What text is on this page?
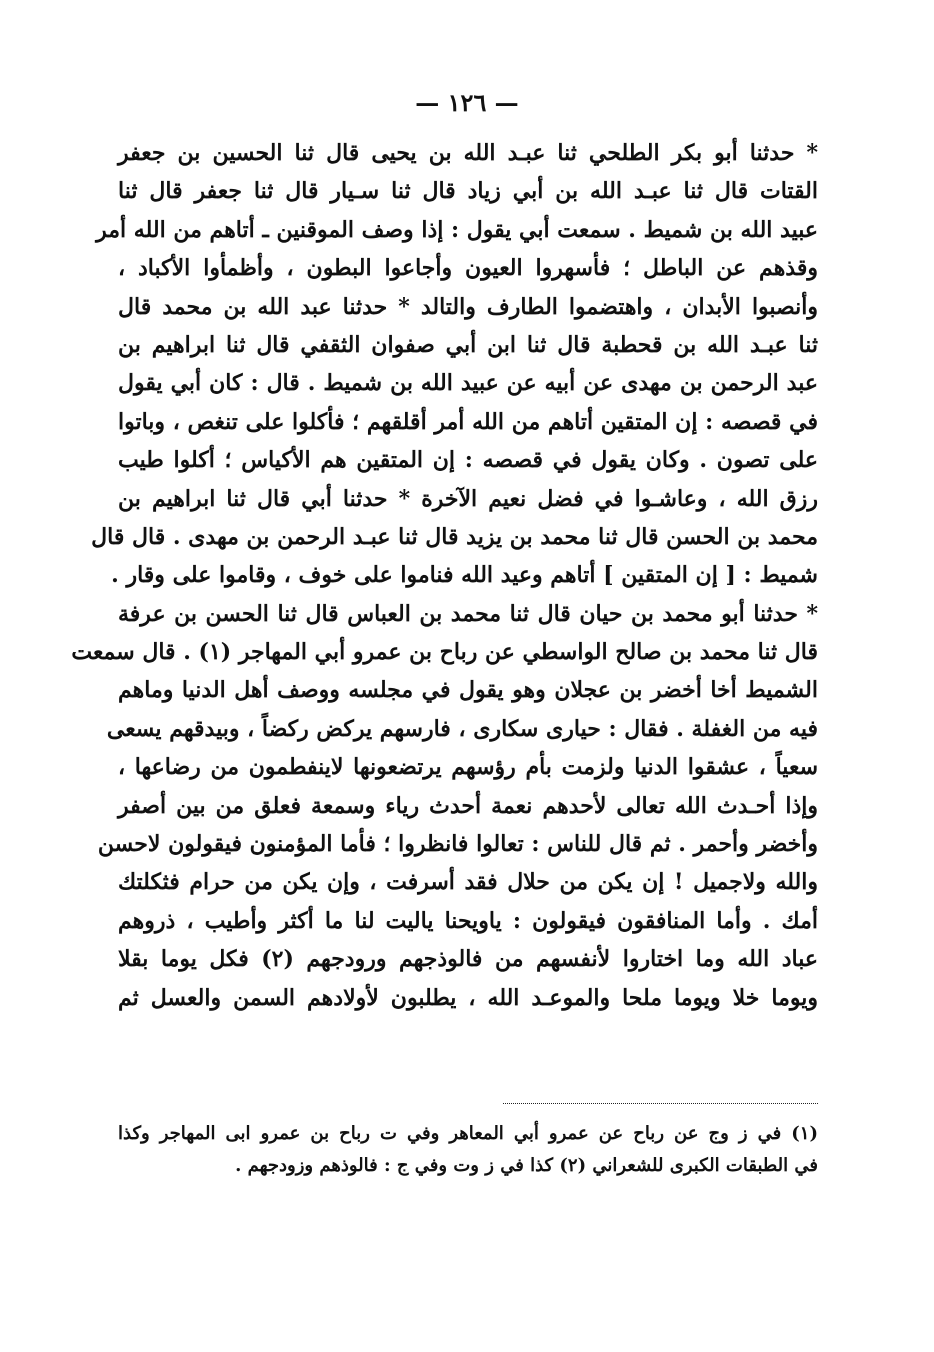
— ١٢٦ —
* حدثنا أبو بكر الطلحي ثنا عبـد الله بن يحيى قال ثنا الحسين بن جعفر
القتات قال ثنا عبـد الله بن أبي زياد قال ثنا سـيار قال ثنا جعفر قال ثنا
عبيد الله بن شميط . سمعت أبي يقول : إذا وصف الموقنين ـ أتاهم من الله أمر
وقذهم عن الباطل ؛ فأسهروا العيون وأجاعوا البطون ، وأظمأوا الأكباد ،
وأنصبوا الأبدان ، واهتضموا الطارف والتالد * حدثنا عبد الله بن محمد قال
ثنا عبـد الله بن قحطبة قال ثنا ابن أبي صفوان الثقفي قال ثنا ابراهيم بن
عبد الرحمن بن مهدى عن أبيه عن عبيد الله بن شميط . قال : كان أبي يقول
في قصصه : إن المتقين أتاهم من الله أمر أقلقهم ؛ فأكلوا على تنغص ، وباتوا
على تصون . وكان يقول في قصصه : إن المتقين هم الأكياس ؛ أكلوا طيب
رزق الله ، وعاشـوا في فضل نعيم الآخرة * حدثنا أبي قال ثنا ابراهيم بن
محمد بن الحسن قال ثنا محمد بن يزيد قال ثنا عبـد الرحمن بن مهدى . قال قال
شميط : [ إن المتقين ] أتاهم وعيد الله فناموا على خوف ، وقاموا على وقار .
* حدثنا أبو محمد بن حيان قال ثنا محمد بن العباس قال ثنا الحسن بن عرفة
قال ثنا محمد بن صالح الواسطي عن رباح بن عمرو أبي المهاجر (١) . قال سمعت
الشميط أخا أخضر بن عجلان وهو يقول في مجلسه ووصف أهل الدنيا وماهم
فيه من الغفلة . فقال : حيارى سكارى ، فارسهم يركض ركضاً ، وبيدقهم يسعى
سعياً ، عشقوا الدنيا ولزمت بأم رؤسهم يرتضعونها لاينفطمون من رضاعها ،
وإذا أحـدث الله تعالى لأحدهم نعمة أحدث رياء وسمعة فعلق من بين أصفر
وأخضر وأحمر . ثم قال للناس : تعالوا فانظروا ؛ فأما المؤمنون فيقولون لاحسن
والله ولاجميل ! إن يكن من حلال فقد أسرفت ، وإن يكن من حرام فثكلتك
أمك . وأما المنافقون فيقولون : ياويحنا ياليت لنا ما أكثر وأطيب ، ذروهم
عباد الله وما اختاروا لأنفسهم من فالوذجهم ورودجهم (٢) فكل يوما بقلا
ويوما خلا ويوما ملحا والموعـد الله ، يطلبون لأولادهم السمن والعسل ثم
(١) في ز وج عن رباح عن عمرو أبي المعاهر وفي ت رباح بن عمرو ابى المهاجر وكذا
في الطبقات الكبرى للشعراني (٢) كذا في ز وت وفي ج : فالوذهم وزودجهم .
